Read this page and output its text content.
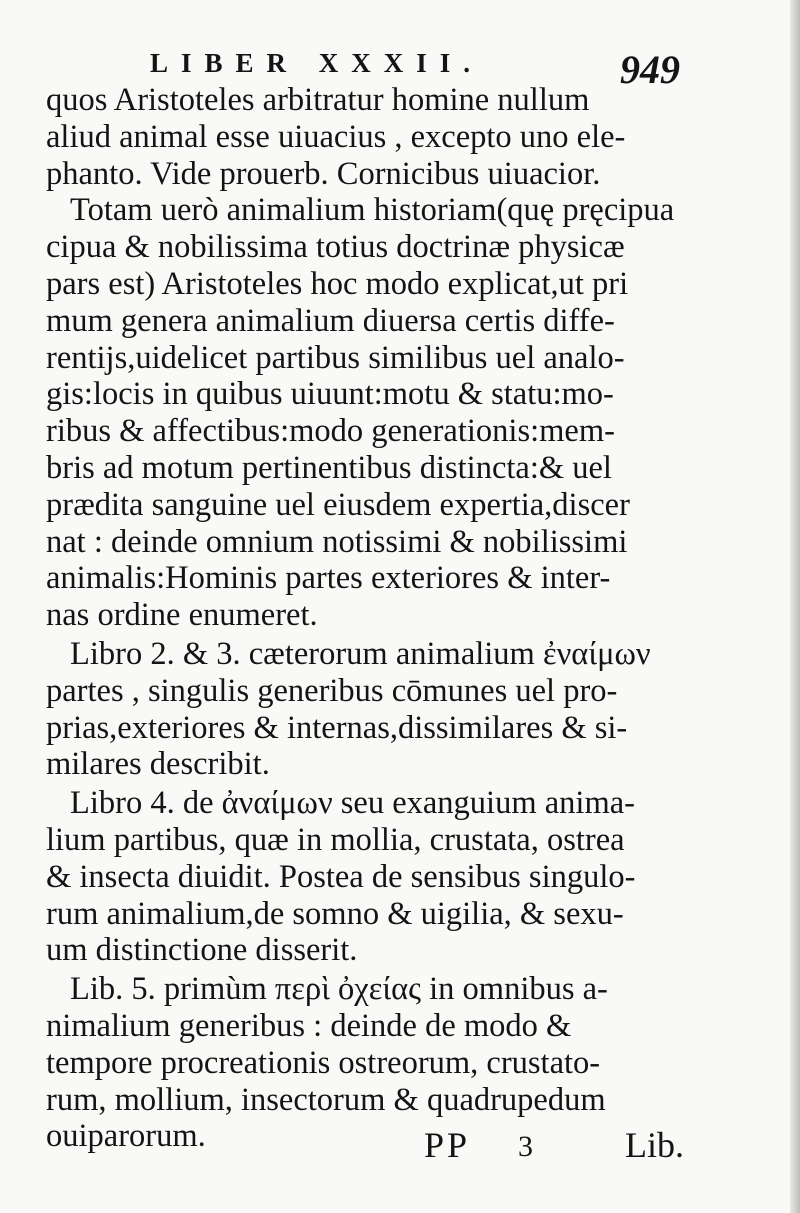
LIBER XXXII.	949
quos Aristoteles arbitratur homine nullum
aliud animal esse uiuacius , excepto uno ele-
phanto. Vide prouerb. Cornicibus uiuacior.
Totam uerò animalium historiam(quę pręcipua
cipua & nobilissima totius doctrinæ physicæ
pars est) Aristoteles hoc modo explicat,ut pri
mum genera animalium diuersa certis diffe-
rentijs,uidelicet partibus similibus uel analo-
gis:locis in quibus uiuunt:motu & statu:mo-
ribus & affectibus:modo generationis:mem-
bris ad motum pertinentibus distincta:& uel
prædita sanguine uel eiusdem expertia,discer
nat : deinde omnium notissimi & nobilissimi
animalis:Hominis partes exteriores & inter-
nas ordine enumeret.
Libro 2. & 3. cæterorum animalium ἐναίμων
partes , singulis generibus cōmunes uel pro-
prias,exteriores & internas,dissimilares & si-
milares describit.
Libro 4. de ἀναίμων seu exanguium anima-
lium partibus, quæ in mollia, crustata, ostrea
& insecta diuidit. Postea de sensibus singulo-
rum animalium,de somno & uigilia, & sexu-
um distinctione disserit.
Lib. 5. primùm περὶ ὀχείας in omnibus a-
nimalium generibus : deinde de modo &
tempore procreationis ostreorum, crustato-
rum, mollium, insectorum & quadrupedum
ouiparorum.	PP 3	Lib.
